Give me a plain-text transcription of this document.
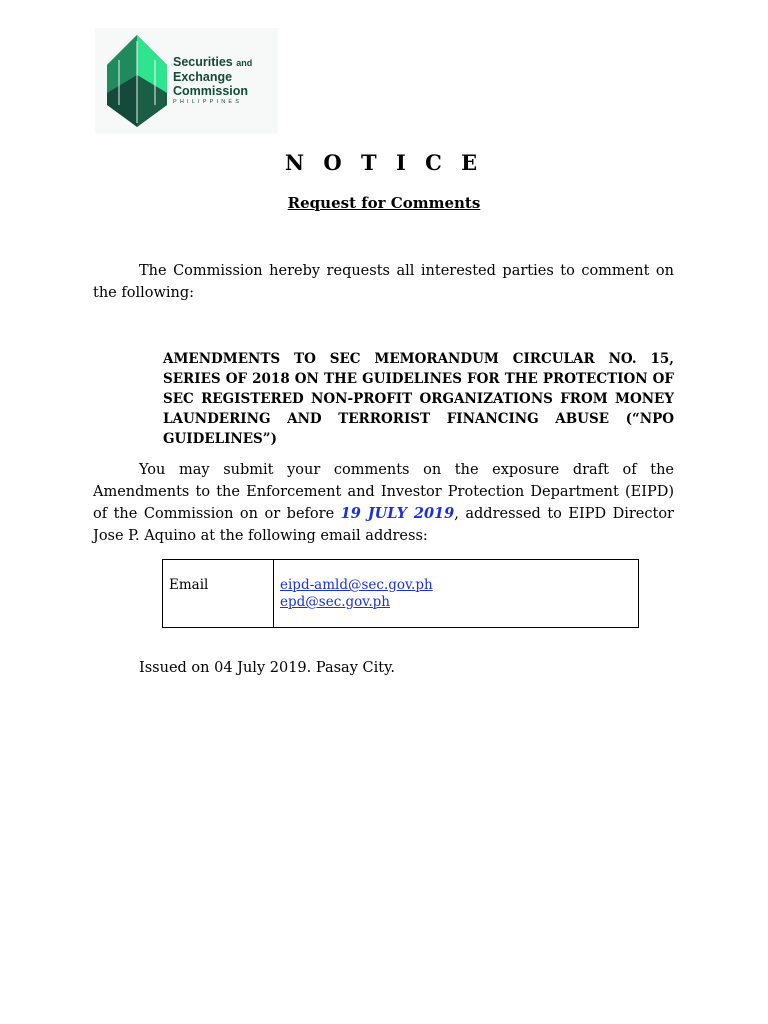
Securities and
Exchange
Commission
PHILIPPINES
N O T I C E
Request for Comments

The Commission hereby requests all interested parties to comment on the following:

AMENDMENTS TO SEC MEMORANDUM CIRCULAR NO. 15, SERIES OF 2018 ON THE GUIDELINES FOR THE PROTECTION OF SEC REGISTERED NON-PROFIT ORGANIZATIONS FROM MONEY LAUNDERING AND TERRORIST FINANCING ABUSE (“NPO GUIDELINES”)

You may submit your comments on the exposure draft of the Amendments to the Enforcement and Investor Protection Department (EIPD) of the Commission on or before 19 JULY 2019, addressed to EIPD Director Jose P. Aquino at the following email address:

Email	eipd-amld@sec.gov.ph
epd@sec.gov.ph
Issued on 04 July 2019. Pasay City.
